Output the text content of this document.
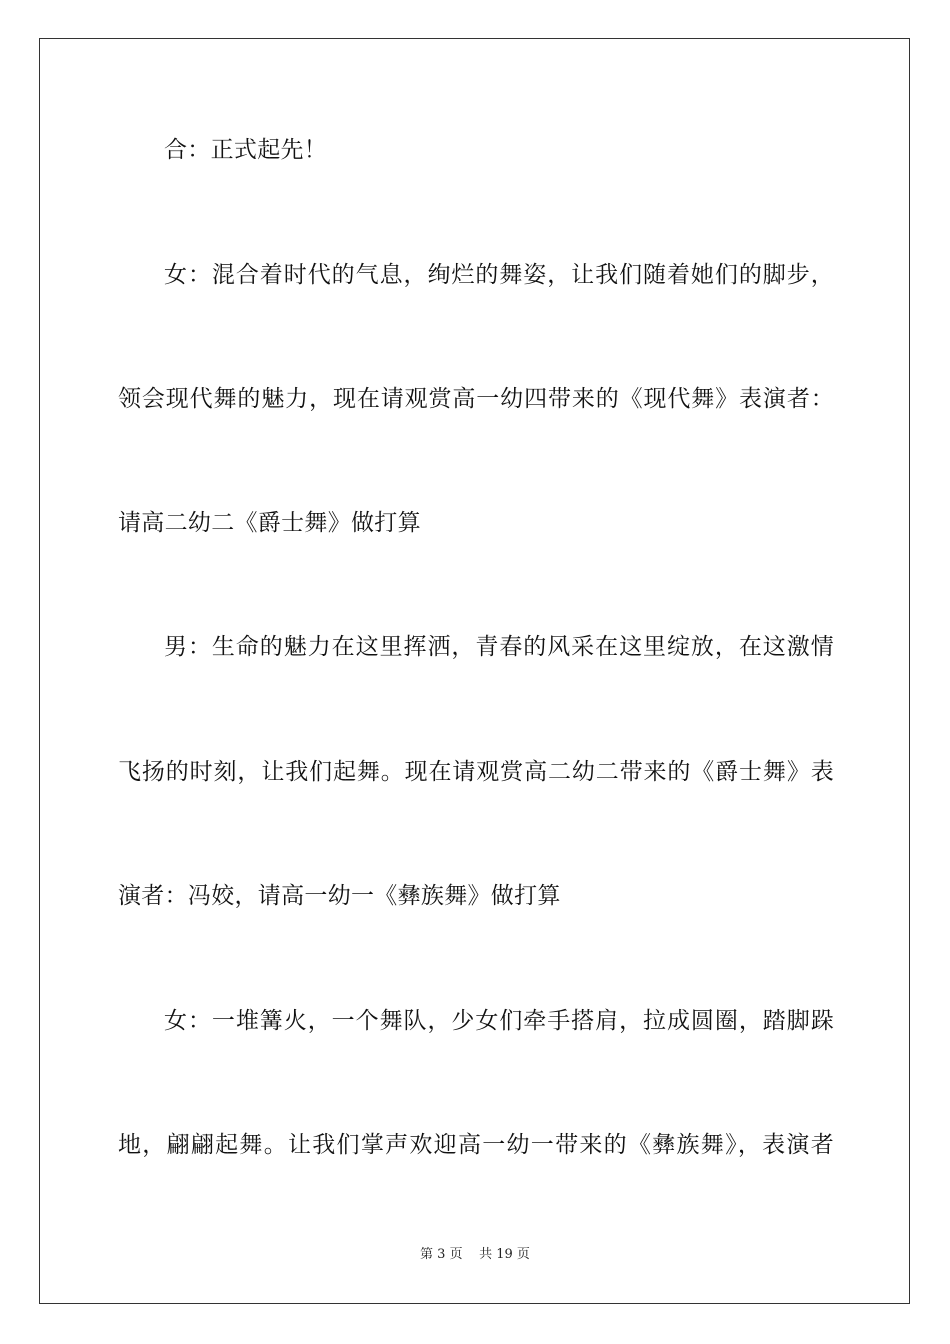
合：正式起先！
女：混合着时代的气息，绚烂的舞姿，让我们随着她们的脚步，
领会现代舞的魅力，现在请观赏高一幼四带来的《现代舞》表演者：
请高二幼二《爵士舞》做打算
男：生命的魅力在这里挥洒，青春的风采在这里绽放，在这激情
飞扬的时刻，让我们起舞。现在请观赏高二幼二带来的《爵士舞》表
演者：冯姣，请高一幼一《彝族舞》做打算
女：一堆篝火，一个舞队，少女们牵手搭肩，拉成圆圈，踏脚跺
地，翩翩起舞。让我们掌声欢迎高一幼一带来的《彝族舞》，表演者
第 3 页 共 19 页
